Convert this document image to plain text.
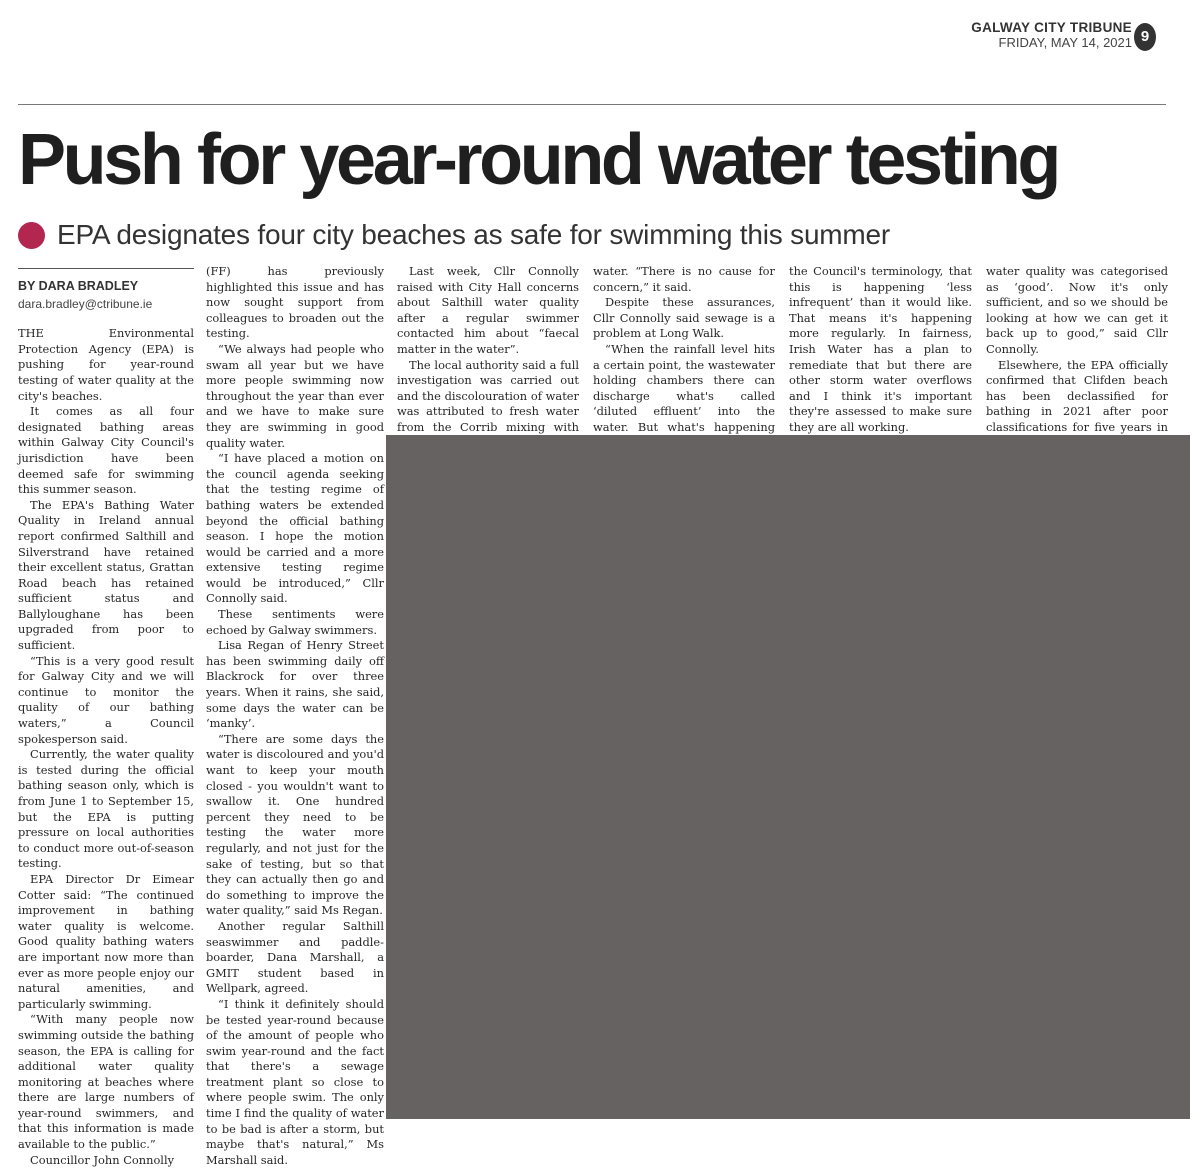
GALWAY CITY TRIBUNE
FRIDAY, MAY 14, 2021 9
Push for year-round water testing
EPA designates four city beaches as safe for swimming this summer
BY DARA BRADLEY
dara.bradley@ctribune.ie

THE Environmental Protection Agency (EPA) is pushing for year-round testing of water quality at the city's beaches.

It comes as all four designated bathing areas within Galway City Council's jurisdiction have been deemed safe for swimming this summer season.

The EPA's Bathing Water Quality in Ireland annual report confirmed Salthill and Silverstrand have retained their excellent status, Grattan Road beach has retained sufficient status and Ballyloughane has been upgraded from poor to sufficient.

“This is a very good result for Galway City and we will continue to monitor the quality of our bathing waters,” a Council spokesperson said.

Currently, the water quality is tested during the official bathing season only, which is from June 1 to September 15, but the EPA is putting pressure on local authorities to conduct more out-of-season testing.

EPA Director Dr Eimear Cotter said: “The continued improvement in bathing water quality is welcome. Good quality bathing waters are important now more than ever as more people enjoy our natural amenities, and particularly swimming.

“With many people now swimming outside the bathing season, the EPA is calling for additional water quality monitoring at beaches where there are large numbers of year-round swimmers, and that this information is made available to the public.”

Councillor John Connolly

(FF) has previously highlighted this issue and has now sought support from colleagues to broaden out the testing.

“We always had people who swam all year but we have more people swimming now throughout the year than ever and we have to make sure they are swimming in good quality water.

“I have placed a motion on the council agenda seeking that the testing regime of bathing waters be extended beyond the official bathing season. I hope the motion would be carried and a more extensive testing regime would be introduced,” Cllr Connolly said.

These sentiments were echoed by Galway swimmers.

Lisa Regan of Henry Street has been swimming daily off Blackrock for over three years. When it rains, she said, some days the water can be ‘manky’.

“There are some days the water is discoloured and you'd want to keep your mouth closed - you wouldn't want to swallow it. One hundred percent they need to be testing the water more regularly, and not just for the sake of testing, but so that they can actually then go and do something to improve the water quality,” said Ms Regan.

Another regular Salthill seaswimmer and paddle-boarder, Dana Marshall, a GMIT student based in Wellpark, agreed.

“I think it definitely should be tested year-round because of the amount of people who swim year-round and the fact that there's a sewage treatment plant so close to where people swim. The only time I find the quality of water to be bad is after a storm, but maybe that's natural,” Ms Marshall said.

Last week, Cllr Connolly raised with City Hall concerns about Salthill water quality after a regular swimmer contacted him about “faecal matter in the water”.

The local authority said a full investigation was carried out and the discolouration of water was attributed to fresh water from the Corrib mixing with

water. “There is no cause for concern,” it said.

Despite these assurances, Cllr Connolly said sewage is a problem at Long Walk.

“When the rainfall level hits a certain point, the wastewater holding chambers there can discharge what's called ‘diluted effluent’ into the water. But what's happening

the Council's terminology, that this is happening ‘less infrequent’ than it would like. That means it's happening more regularly. In fairness, Irish Water has a plan to remediate that but there are other storm water overflows and I think it's important they're assessed to make sure they are all working.

water quality was categorised as ‘good’. Now it's only sufficient, and so we should be looking at how we can get it back up to good,” said Cllr Connolly.

Elsewhere, the EPA officially confirmed that Clifden beach has been declassified for bathing in 2021 after poor classifications for five years in
